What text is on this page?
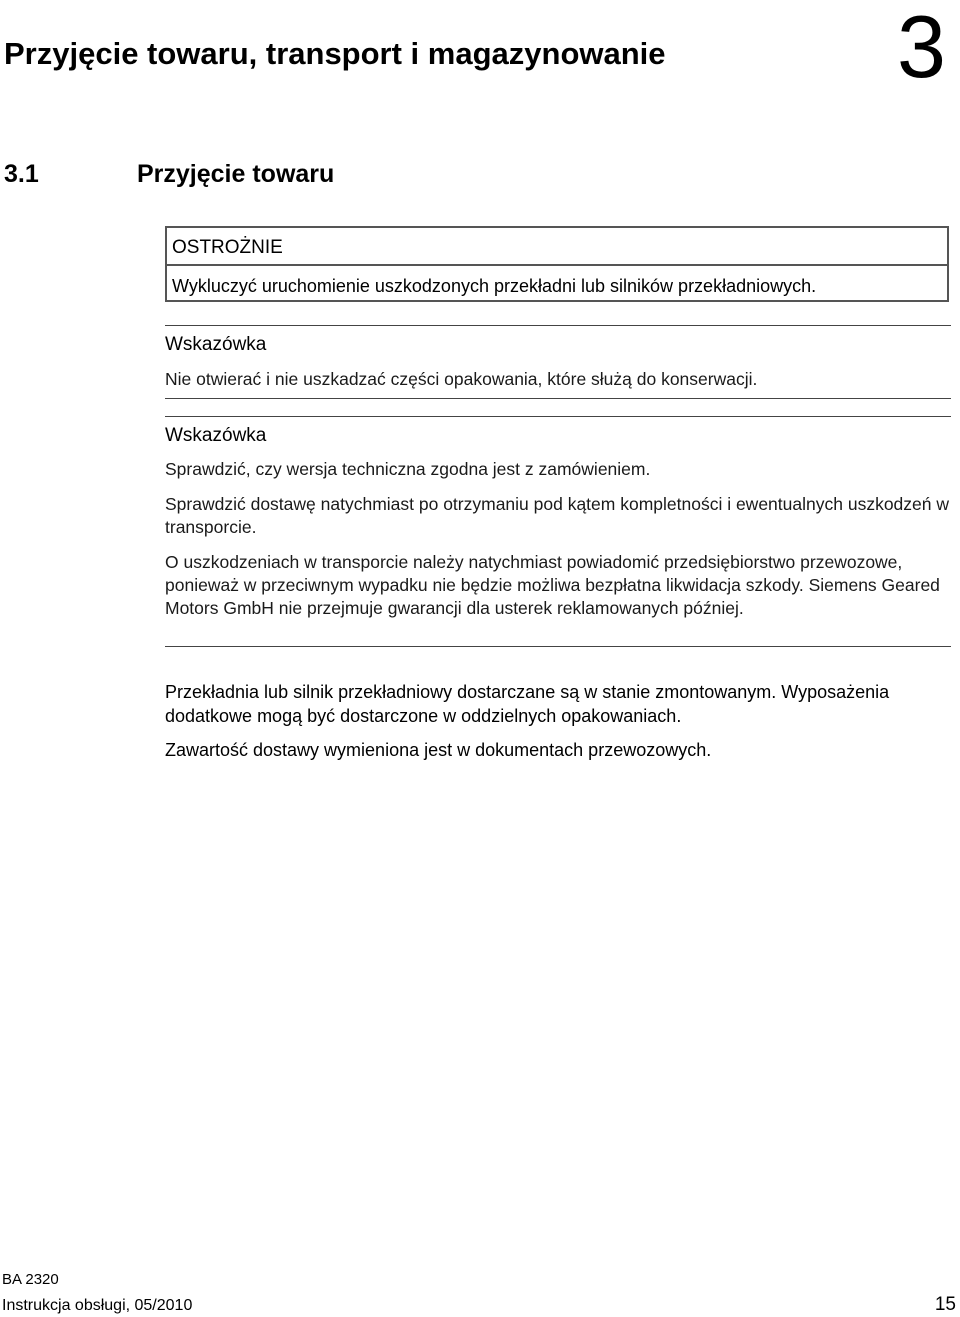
Przyjęcie towaru, transport i magazynowanie	3
3.1	Przyjęcie towaru
OSTROŻNIE
Wykluczyć uruchomienie uszkodzonych przekładni lub silników przekładniowych.
Wskazówka

Nie otwierać i nie uszkadzać części opakowania, które służą do konserwacji.

Wskazówka

Sprawdzić, czy wersja techniczna zgodna jest z zamówieniem.

Sprawdzić dostawę natychmiast po otrzymaniu pod kątem kompletności i ewentualnych uszkodzeń w transporcie.

O uszkodzeniach w transporcie należy natychmiast powiadomić przedsiębiorstwo przewozowe, ponieważ w przeciwnym wypadku nie będzie możliwa bezpłatna likwidacja szkody. Siemens Geared Motors GmbH nie przejmuje gwarancji dla usterek reklamowanych później.

Przekładnia lub silnik przekładniowy dostarczane są w stanie zmontowanym. Wyposażenia dodatkowe mogą być dostarczone w oddzielnych opakowaniach.

Zawartość dostawy wymieniona jest w dokumentach przewozowych.

BA 2320
Instrukcja obsługi, 05/2010	15
